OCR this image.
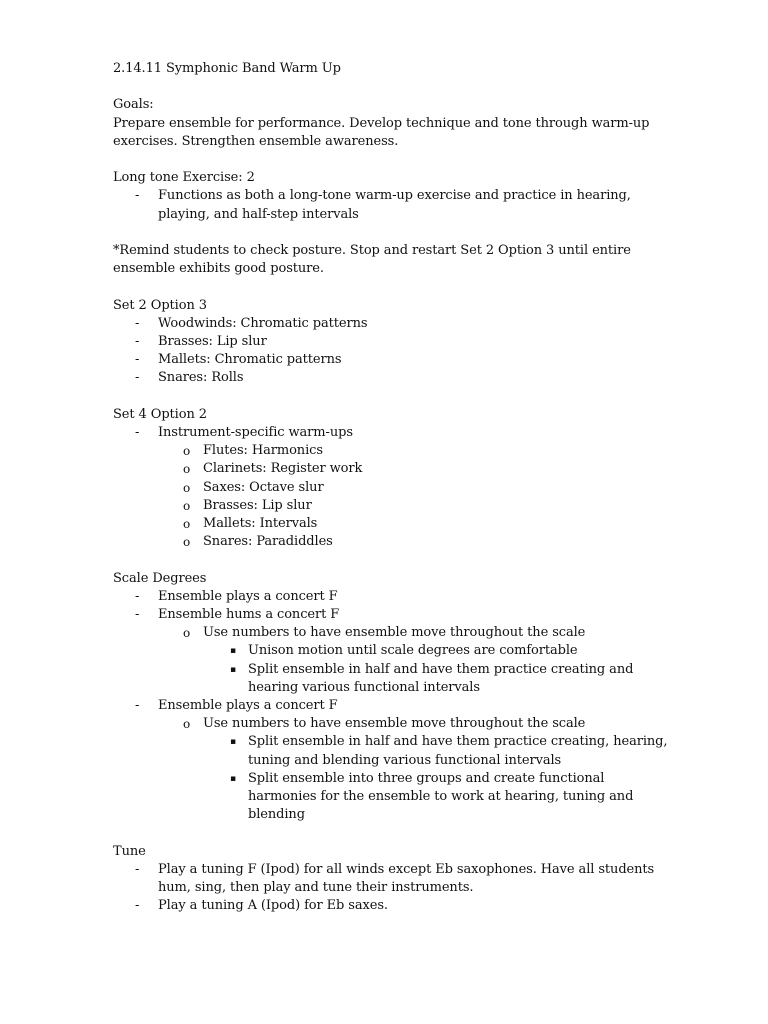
2.14.11 Symphonic Band Warm Up
Goals:
Prepare ensemble for performance. Develop technique and tone through warm-up
exercises. Strengthen ensemble awareness.
Long tone Exercise: 2
- Functions as both a long-tone warm-up exercise and practice in hearing,
playing, and half-step intervals
*Remind students to check posture. Stop and restart Set 2 Option 3 until entire
ensemble exhibits good posture.
Set 2 Option 3
- Woodwinds: Chromatic patterns
- Brasses: Lip slur
- Mallets: Chromatic patterns
- Snares: Rolls
Set 4 Option 2
- Instrument-specific warm-ups
o Flutes: Harmonics
o Clarinets: Register work
o Saxes: Octave slur
o Brasses: Lip slur
o Mallets: Intervals
o Snares: Paradiddles
Scale Degrees
- Ensemble plays a concert F
- Ensemble hums a concert F
o Use numbers to have ensemble move throughout the scale
▪ Unison motion until scale degrees are comfortable
▪ Split ensemble in half and have them practice creating and
hearing various functional intervals
- Ensemble plays a concert F
o Use numbers to have ensemble move throughout the scale
▪ Split ensemble in half and have them practice creating, hearing,
tuning and blending various functional intervals
▪ Split ensemble into three groups and create functional
harmonies for the ensemble to work at hearing, tuning and
blending
Tune
- Play a tuning F (Ipod) for all winds except Eb saxophones. Have all students
hum, sing, then play and tune their instruments.
- Play a tuning A (Ipod) for Eb saxes.
